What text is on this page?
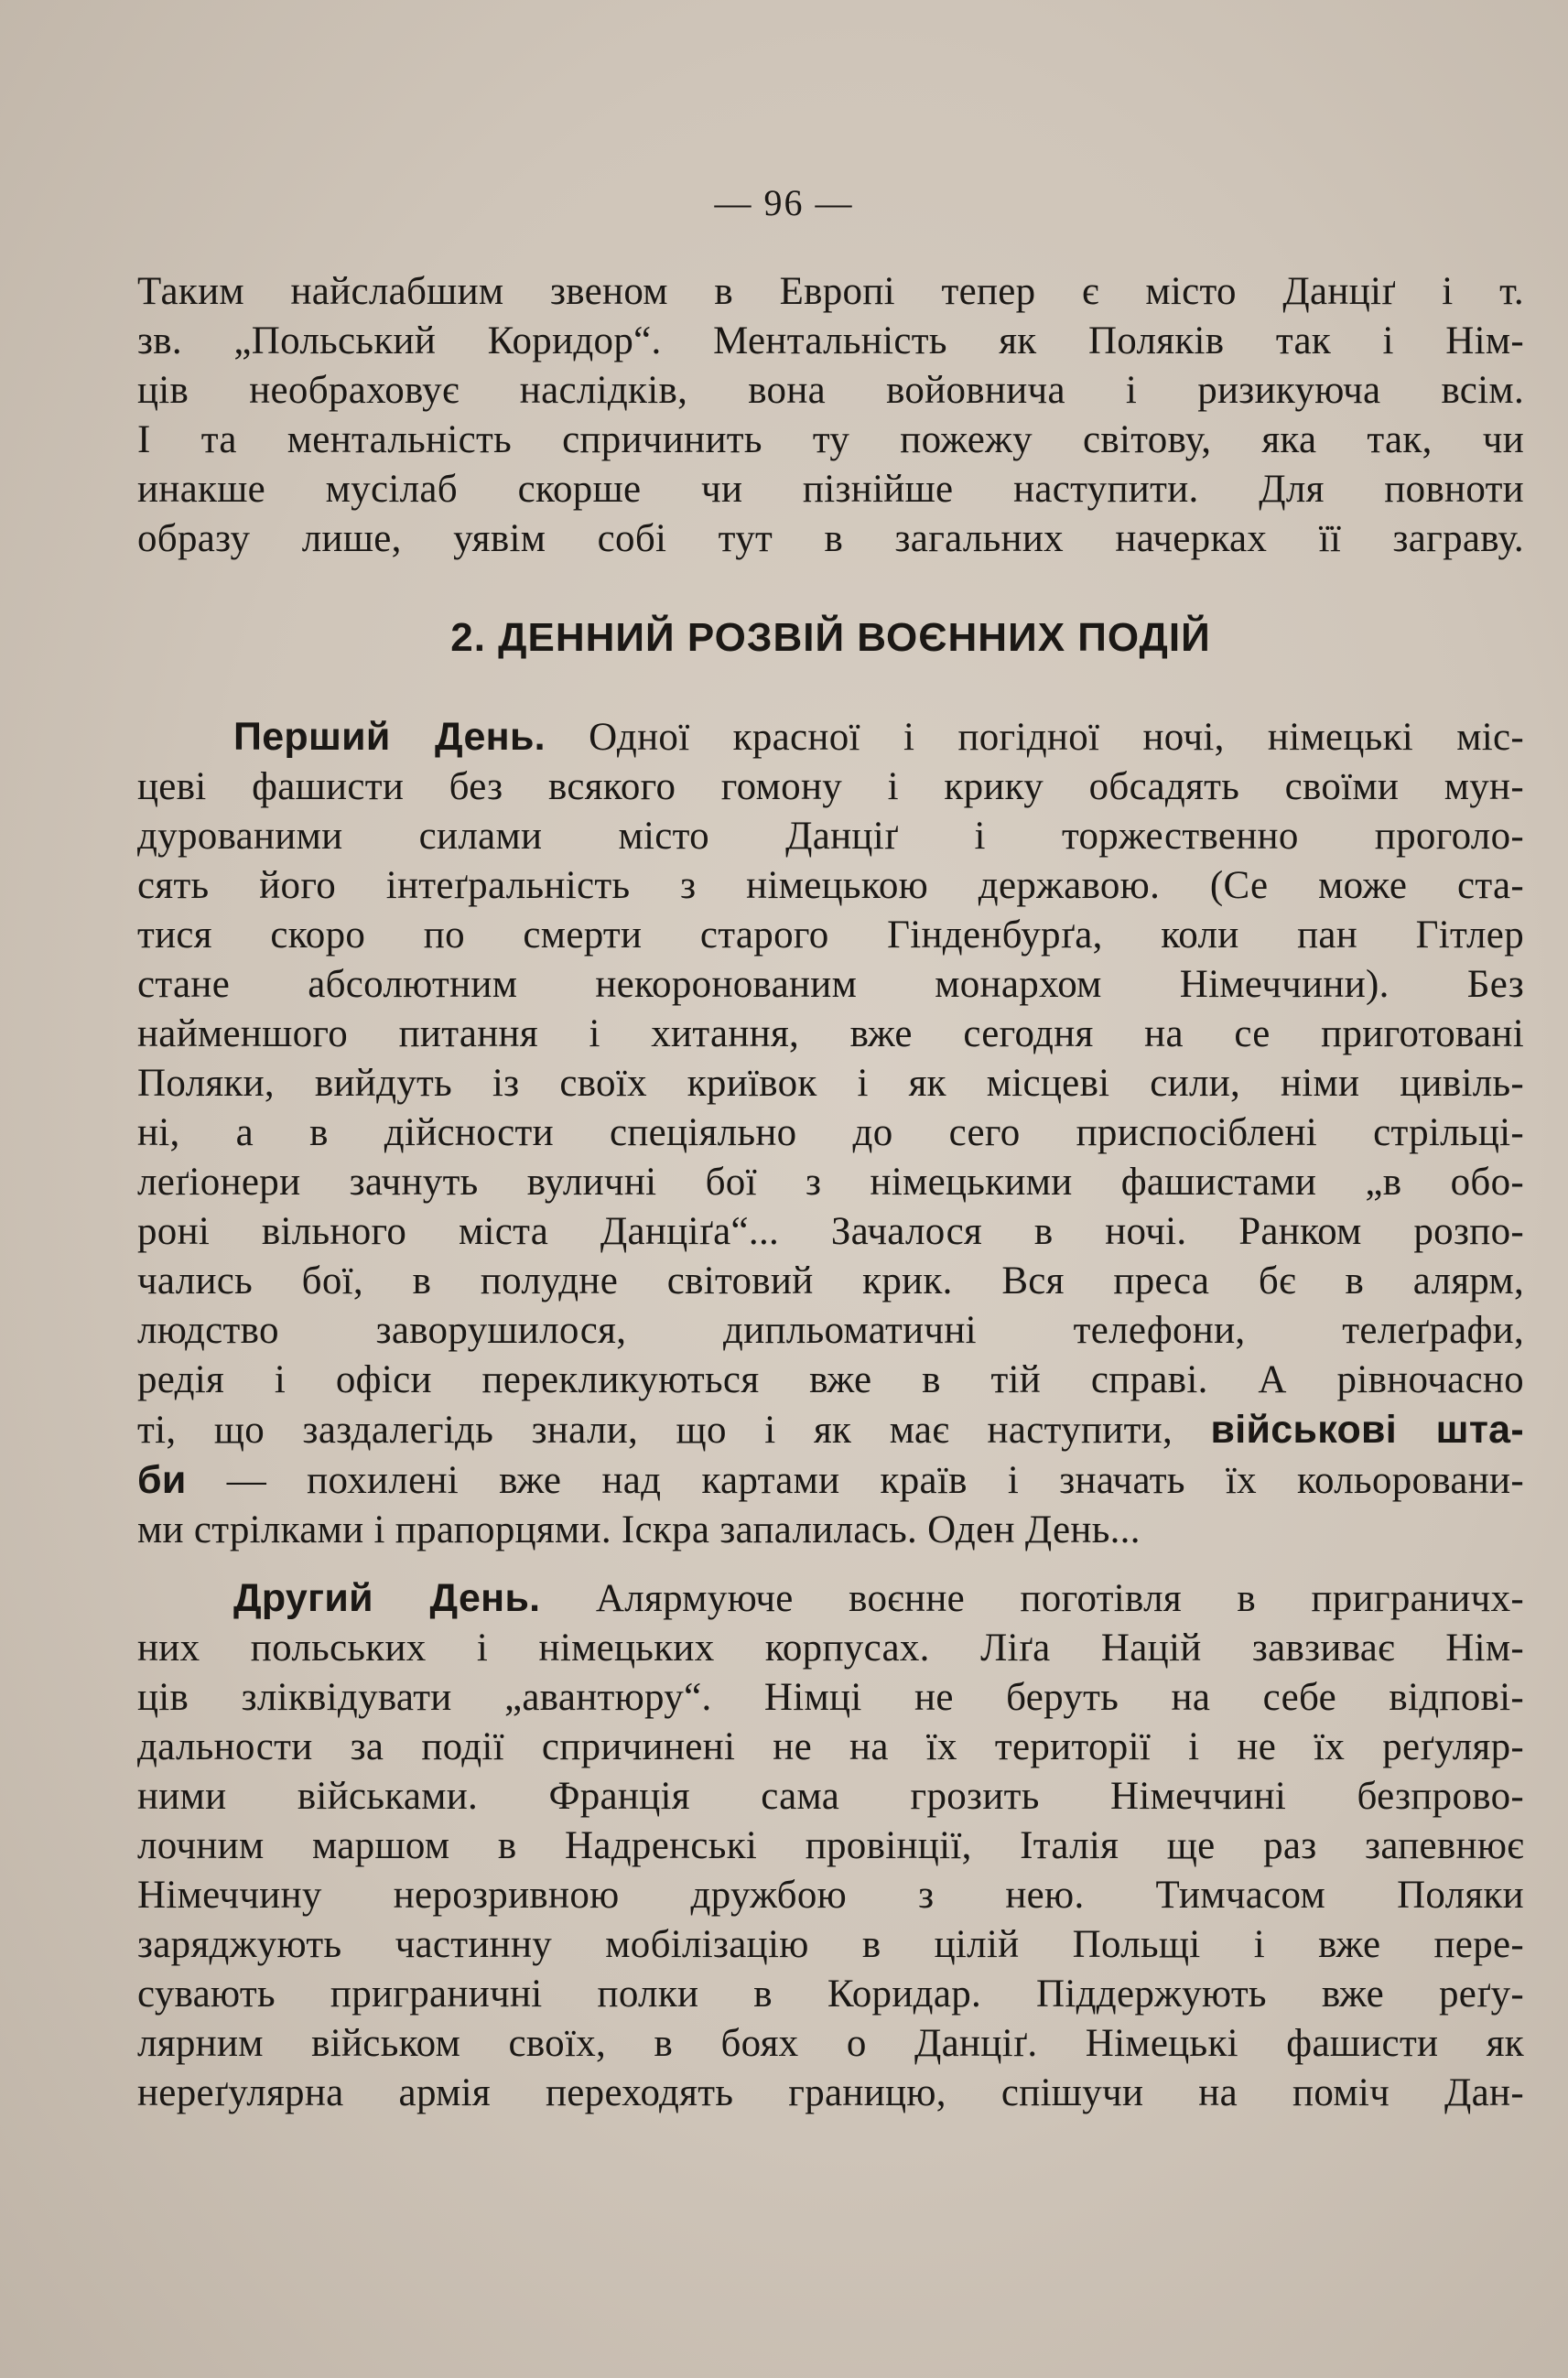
— 96 —
Таким найслабшим звеном в Европі тепер є місто Данціґ і т.
зв. „Польський Коридор“. Ментальність як Поляків так і Нім-
ців необраховує наслідків, вона войовнича і ризикуюча всім.
І та ментальність спричинить ту пожежу світову, яка так, чи
инакше мусілаб скорше чи пізнійше наступити. Для повноти
образу лише, уявім собі тут в загальних начерках її заграву.
2. ДЕННИЙ РОЗВІЙ ВОЄННИХ ПОДІЙ
Перший День. Одної красної і погідної ночі, німецькі міс-
цеві фашисти без всякого гомону і крику обсадять своїми мун-
дурованими силами місто Данціґ і торжественно проголо-
сять його інтеґральність з німецькою державою. (Се може ста-
тися скоро по смерти старого Гінденбурґа, коли пан Гітлер
стане абсолютним некоронованим монархом Німеччини). Без
найменшого питання і хитання, вже сегодня на се приготовані
Поляки, вийдуть із своїх криївок і як місцеві сили, німи цивіль-
ні, а в дійсности спеціяльно до сего приспосіблені стрільці-
леґіонери зачнуть вуличні бої з німецькими фашистами „в обо-
роні вільного міста Данціґа“... Зачалося в ночі. Ранком розпо-
чались бої, в полудне світовий крик. Вся преса бє в алярм,
людство заворушилося, дипльоматичні телефони, телеґрафи,
редія і офіси перекликуються вже в тій справі. А рівночасно
ті, що заздалегідь знали, що і як має наступити, військові шта-
би — похилені вже над картами країв і значать їх кольоровани-
ми стрілками і прапорцями. Іскра запалилась. Оден День...
Другий День. Алярмуюче воєнне поготівля в приграничх-
них польських і німецьких корпусах. Ліґа Націй завзиває Нім-
ців зліквідувати „авантюру“. Німці не беруть на себе відпові-
дальности за події спричинені не на їх території і не їх реґуляр-
ними військами. Франція сама грозить Німеччині безпрово-
лочним маршом в Надренські провінції, Італія ще раз запевнює
Німеччину нерозривною дружбою з нею. Тимчасом Поляки
заряджують частинну мобілізацію в цілій Польщі і вже пере-
сувають приграничні полки в Коридар. Піддержують вже реґу-
лярним військом своїх, в боях о Данціґ. Німецькі фашисти як
нереґулярна армія переходять границю, спішучи на поміч Дан-
